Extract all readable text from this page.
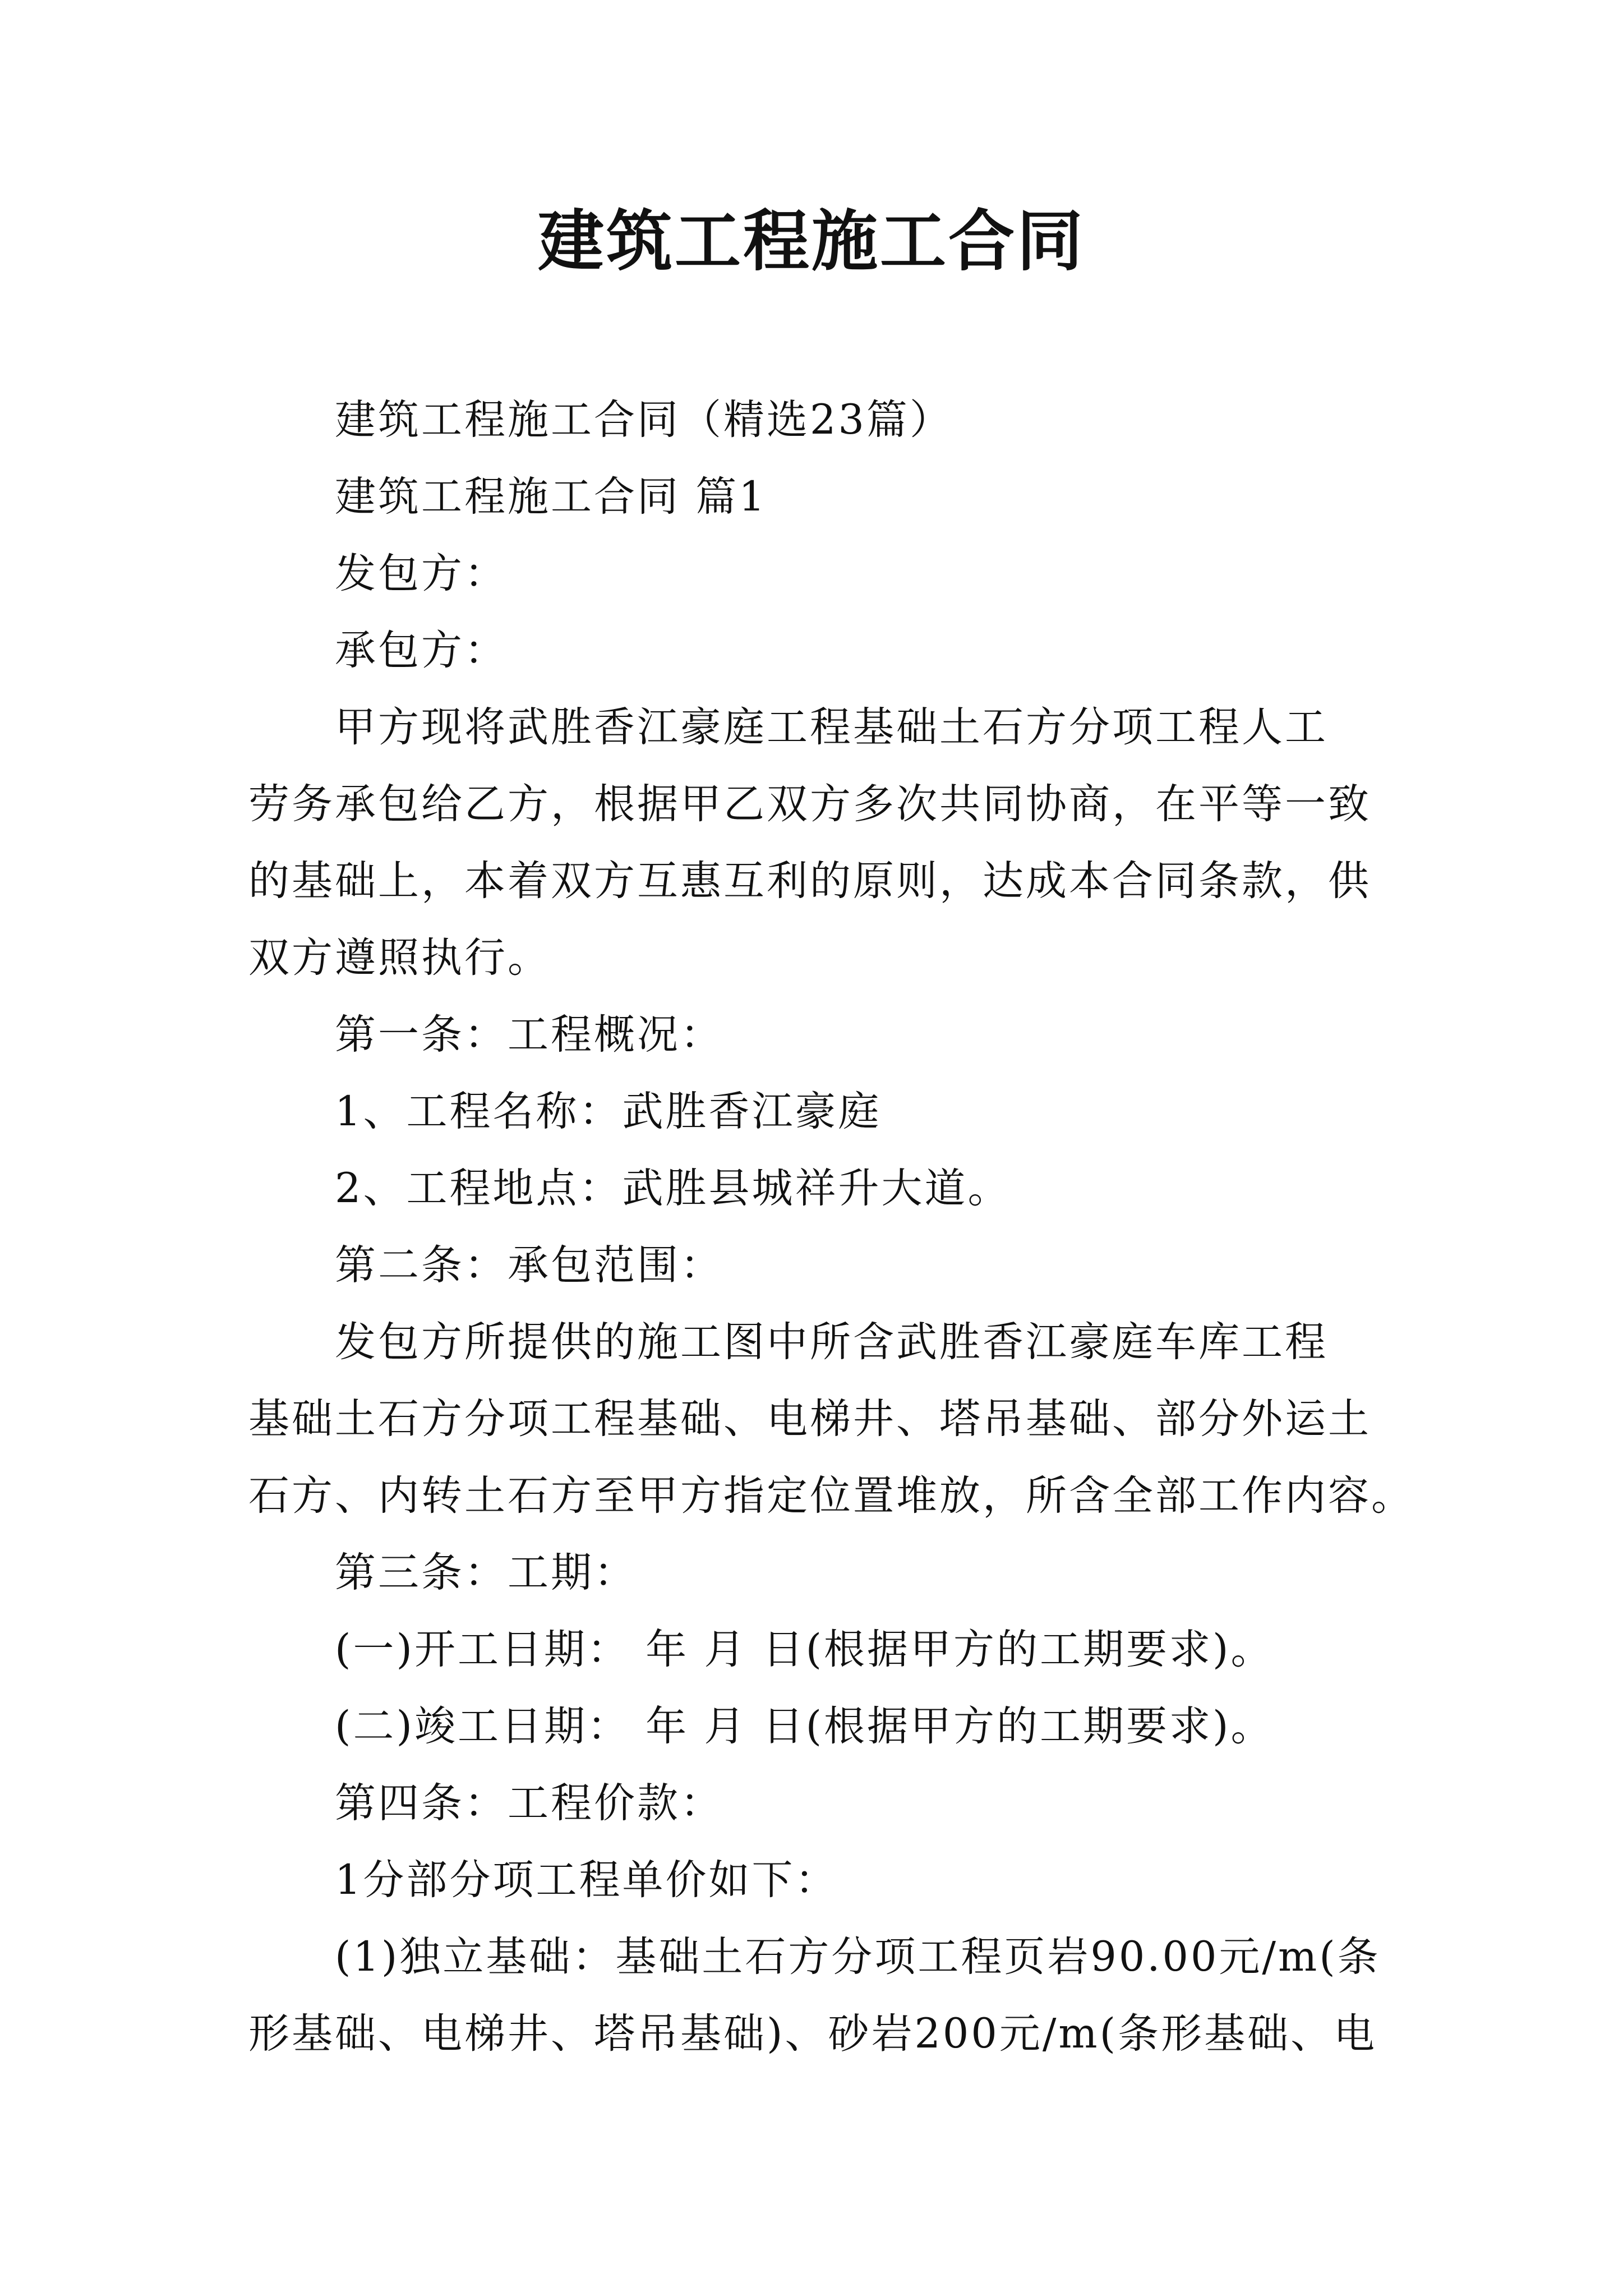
建筑工程施工合同
建筑工程施工合同（精选23篇）
建筑工程施工合同 篇1
发包方：
承包方：
甲方现将武胜香江豪庭工程基础土石方分项工程人工
劳务承包给乙方，根据甲乙双方多次共同协商，在平等一致
的基础上，本着双方互惠互利的原则，达成本合同条款，供
双方遵照执行。
第一条：工程概况：
1、工程名称：武胜香江豪庭
2、工程地点：武胜县城祥升大道。
第二条：承包范围：
发包方所提供的施工图中所含武胜香江豪庭车库工程
基础土石方分项工程基础、电梯井、塔吊基础、部分外运土
石方、内转土石方至甲方指定位置堆放，所含全部工作内容。
第三条：工期：
(一)开工日期： 年 月 日(根据甲方的工期要求)。
(二)竣工日期： 年 月 日(根据甲方的工期要求)。
第四条：工程价款：
1分部分项工程单价如下：
(1)独立基础：基础土石方分项工程页岩90.00元/m(条
形基础、电梯井、塔吊基础)、砂岩200元/m(条形基础、电
